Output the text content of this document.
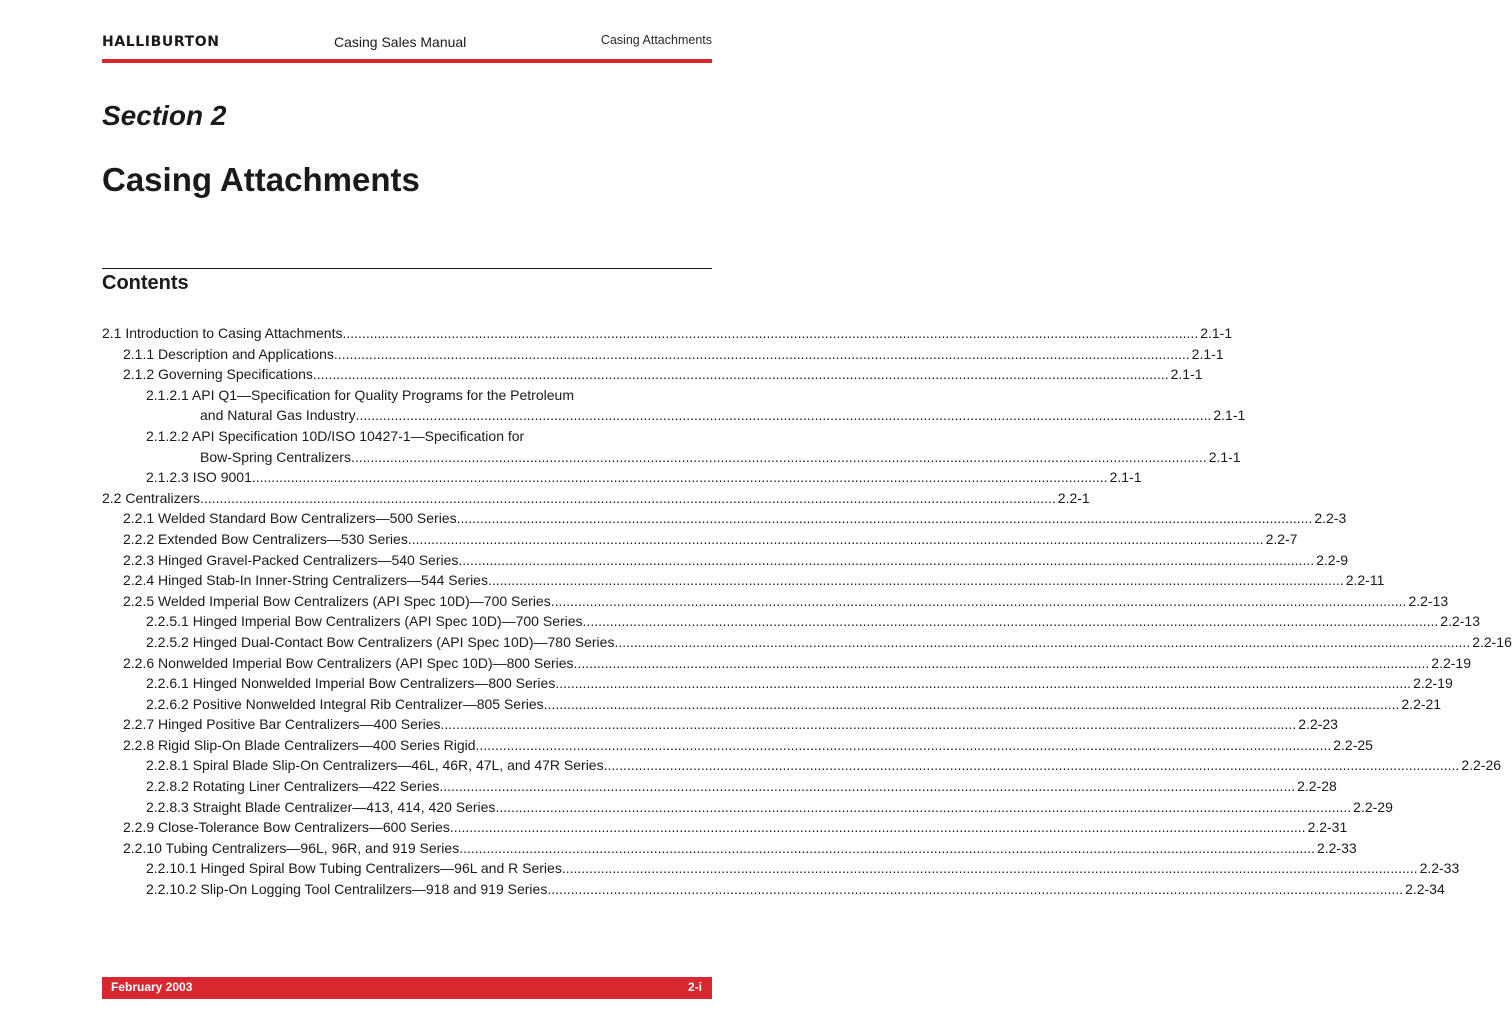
HALLIBURTON	Casing Sales Manual	Casing Attachments
Section 2
Casing Attachments
Contents
2.1 Introduction to Casing Attachments ............................................................................................................................................................................................................................ 2.1-1
2.1.1 Description and Applications ............................................................................................................................................................................................................................ 2.1-1
2.1.2 Governing Specifications ............................................................................................................................................................................................................................ 2.1-1
2.1.2.1 API Q1—Specification for Quality Programs for the Petroleum
and Natural Gas Industry ............................................................................................................................................................................................................................ 2.1-1
2.1.2.2 API Specification 10D/ISO 10427-1—Specification for
Bow-Spring Centralizers ............................................................................................................................................................................................................................ 2.1-1
2.1.2.3 ISO 9001 ............................................................................................................................................................................................................................ 2.1-1
2.2 Centralizers ............................................................................................................................................................................................................................ 2.2-1
2.2.1 Welded Standard Bow Centralizers—500 Series ............................................................................................................................................................................................................................ 2.2-3
2.2.2 Extended Bow Centralizers—530 Series ............................................................................................................................................................................................................................ 2.2-7
2.2.3 Hinged Gravel-Packed Centralizers—540 Series ............................................................................................................................................................................................................................ 2.2-9
2.2.4 Hinged Stab-In Inner-String Centralizers—544 Series ............................................................................................................................................................................................................................ 2.2-11
2.2.5 Welded Imperial Bow Centralizers (API Spec 10D)—700 Series ............................................................................................................................................................................................................................ 2.2-13
2.2.5.1 Hinged Imperial Bow Centralizers (API Spec 10D)—700 Series ............................................................................................................................................................................................................................ 2.2-13
2.2.5.2 Hinged Dual-Contact Bow Centralizers (API Spec 10D)—780 Series ............................................................................................................................................................................................................................ 2.2-16
2.2.6 Nonwelded Imperial Bow Centralizers (API Spec 10D)—800 Series ............................................................................................................................................................................................................................ 2.2-19
2.2.6.1 Hinged Nonwelded Imperial Bow Centralizers—800 Series ............................................................................................................................................................................................................................ 2.2-19
2.2.6.2 Positive Nonwelded Integral Rib Centralizer—805 Series ............................................................................................................................................................................................................................ 2.2-21
2.2.7 Hinged Positive Bar Centralizers—400 Series ............................................................................................................................................................................................................................ 2.2-23
2.2.8 Rigid Slip-On Blade Centralizers—400 Series Rigid ............................................................................................................................................................................................................................ 2.2-25
2.2.8.1 Spiral Blade Slip-On Centralizers—46L, 46R, 47L, and 47R Series ............................................................................................................................................................................................................................ 2.2-26
2.2.8.2 Rotating Liner Centralizers—422 Series ............................................................................................................................................................................................................................ 2.2-28
2.2.8.3 Straight Blade Centralizer—413, 414, 420 Series ............................................................................................................................................................................................................................ 2.2-29
2.2.9 Close-Tolerance Bow Centralizers—600 Series ............................................................................................................................................................................................................................ 2.2-31
2.2.10 Tubing Centralizers—96L, 96R, and 919 Series ............................................................................................................................................................................................................................ 2.2-33
2.2.10.1 Hinged Spiral Bow Tubing Centralizers—96L and R Series ............................................................................................................................................................................................................................ 2.2-33
2.2.10.2 Slip-On Logging Tool Centralilzers—918 and 919 Series ............................................................................................................................................................................................................................ 2.2-34
February 2003	2-i
